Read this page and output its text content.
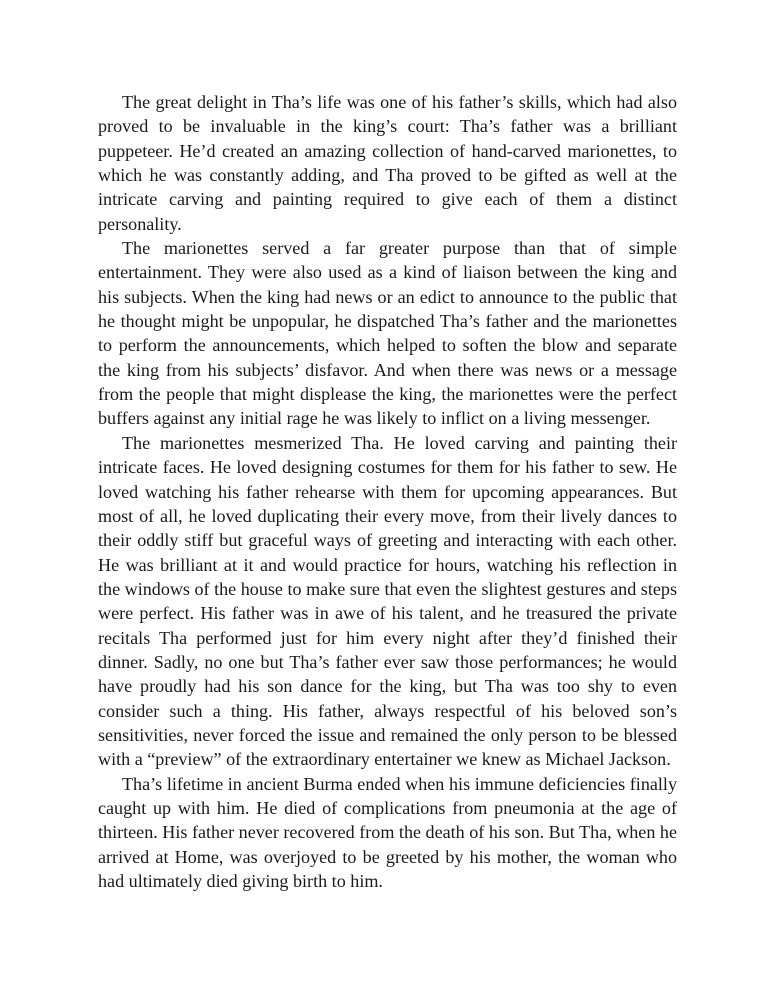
The great delight in Tha’s life was one of his father’s skills, which had also proved to be invaluable in the king’s court: Tha’s father was a brilliant puppeteer. He’d created an amazing collection of hand-carved marionettes, to which he was constantly adding, and Tha proved to be gifted as well at the intricate carving and painting required to give each of them a distinct personality.

The marionettes served a far greater purpose than that of simple entertainment. They were also used as a kind of liaison between the king and his subjects. When the king had news or an edict to announce to the public that he thought might be unpopular, he dispatched Tha’s father and the marionettes to perform the announcements, which helped to soften the blow and separate the king from his subjects’ disfavor. And when there was news or a message from the people that might displease the king, the marionettes were the perfect buffers against any initial rage he was likely to inflict on a living messenger.

The marionettes mesmerized Tha. He loved carving and painting their intricate faces. He loved designing costumes for them for his father to sew. He loved watching his father rehearse with them for upcoming appearances. But most of all, he loved duplicating their every move, from their lively dances to their oddly stiff but graceful ways of greeting and interacting with each other. He was brilliant at it and would practice for hours, watching his reflection in the windows of the house to make sure that even the slightest gestures and steps were perfect. His father was in awe of his talent, and he treasured the private recitals Tha performed just for him every night after they’d finished their dinner. Sadly, no one but Tha’s father ever saw those performances; he would have proudly had his son dance for the king, but Tha was too shy to even consider such a thing. His father, always respectful of his beloved son’s sensitivities, never forced the issue and remained the only person to be blessed with a “preview” of the extraordinary entertainer we knew as Michael Jackson.

Tha’s lifetime in ancient Burma ended when his immune deficiencies finally caught up with him. He died of complications from pneumonia at the age of thirteen. His father never recovered from the death of his son. But Tha, when he arrived at Home, was overjoyed to be greeted by his mother, the woman who had ultimately died giving birth to him.
